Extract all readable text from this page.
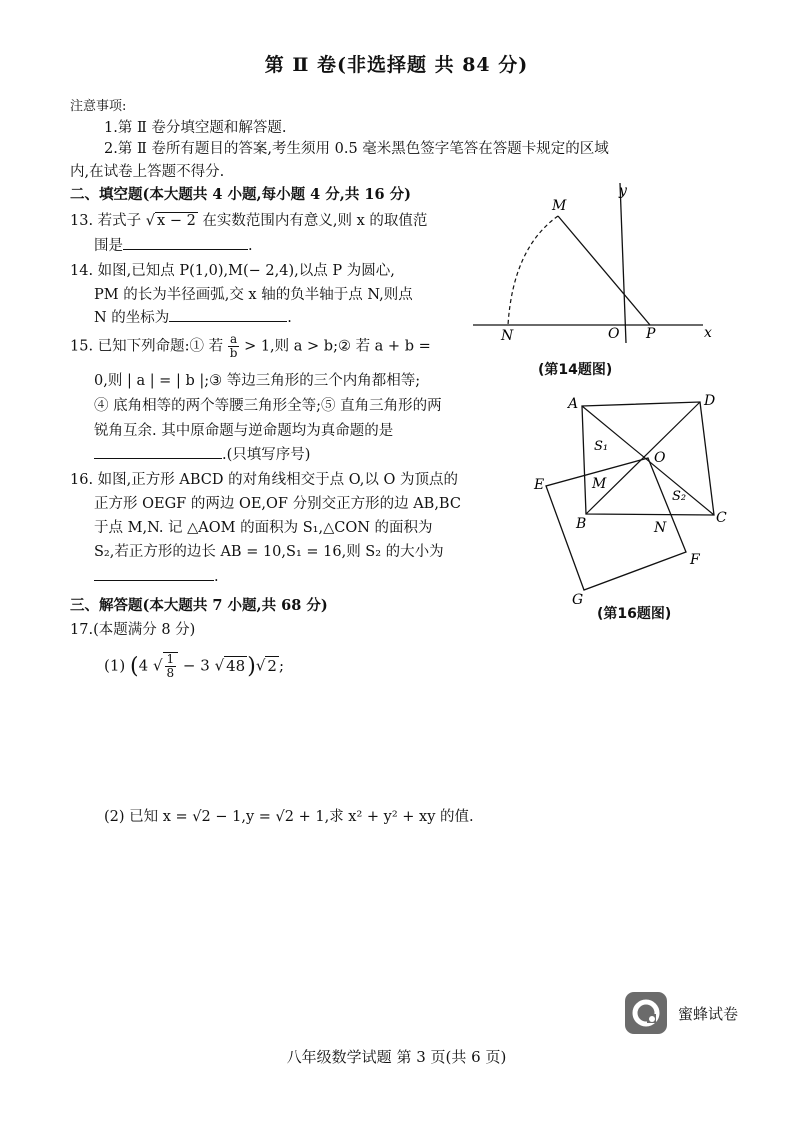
第 Ⅱ 卷(非选择题 共 84 分)
注意事项:
1.第 Ⅱ 卷分填空题和解答题.
2.第 Ⅱ 卷所有题目的答案,考生须用 0.5 毫米黑色签字笔答在答题卡规定的区域
内,在试卷上答题不得分.
二、填空题(本大题共 4 小题,每小题 4 分,共 16 分)
13. 若式子 √ x − 2 在实数范围内有意义,则 x 的取值范
围是	.
14. 如图,已知点 P(1,0),M(− 2,4),以点 P 为圆心,
PM 的长为半径画弧,交 x 轴的负半轴于点 N,则点
N 的坐标为	.
15. 已知下列命题:① 若 $\frac{a}{b} > 1$,则 a > b;② 若 a + b =
0,则 | a | = | b |;③ 等边三角形的三个内角都相等;
④ 底角相等的两个等腰三角形全等;⑤ 直角三角形的两
锐角互余. 其中原命题与逆命题均为真命题的是
.(只填写序号)
16. 如图,正方形 ABCD 的对角线相交于点 O,以 O 为顶点的
正方形 OEGF 的两边 OE,OF 分别交正方形的边 AB,BC
于点 M,N. 记 △AOM 的面积为 S₁,△CON 的面积为
S₂,若正方形的边长 AB = 10,S₁ = 16,则 S₂ 的大小为
.
三、解答题(本大题共 7 小题,共 68 分)
17.(本题满分 8 分)
(1) (4 √ $\frac{1}{8} - 3$ √ 48)√ 2 ;
(2) 已知 x = √2 − 1,y = √2 + 1,求 x² + y² + xy 的值.
M
y
N	O P	x
(第14题图)
A	D
S₁
O
E	M
S₂
B	N
C
F
G
(第16题图)
蜜蜂试卷
八年级数学试题 第 3 页(共 6 页)
